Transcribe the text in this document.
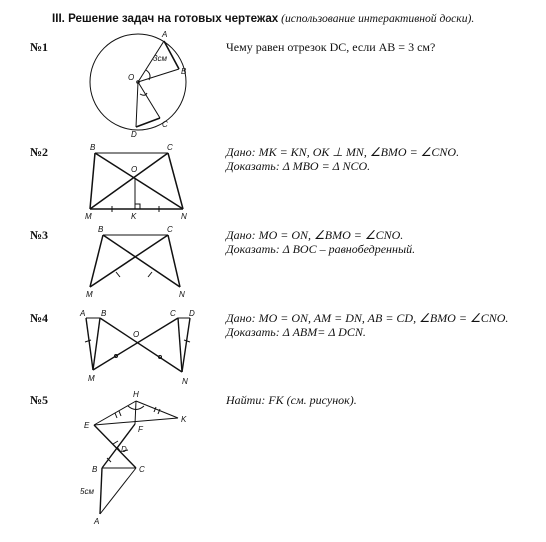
III. Решение задач на готовых чертежах (использование интерактивной доски).
№1
№2
№3
№4
№5
Чему равен отрезок DC, если AB = 3 см?
Дано: MK = KN, OK ⊥ MN, ∠BMO = ∠CNO.
Доказать: Δ MBO = Δ NCO.
Дано: MO = ON, ∠BMO = ∠CNO.
Доказать: Δ BOC – равнобедренный.
Дано: MO = ON, AM = DN, AB = CD, ∠BMO = ∠CNO.
Доказать: Δ ABM= Δ DCN.
Найти: FK (см. рисунок).
A
B
O
C
D
3см
B	C
O
M	K	N
B	C
M	N
A B	C D
O
M	N
H
E
K
F
D
B	C
A
5см
